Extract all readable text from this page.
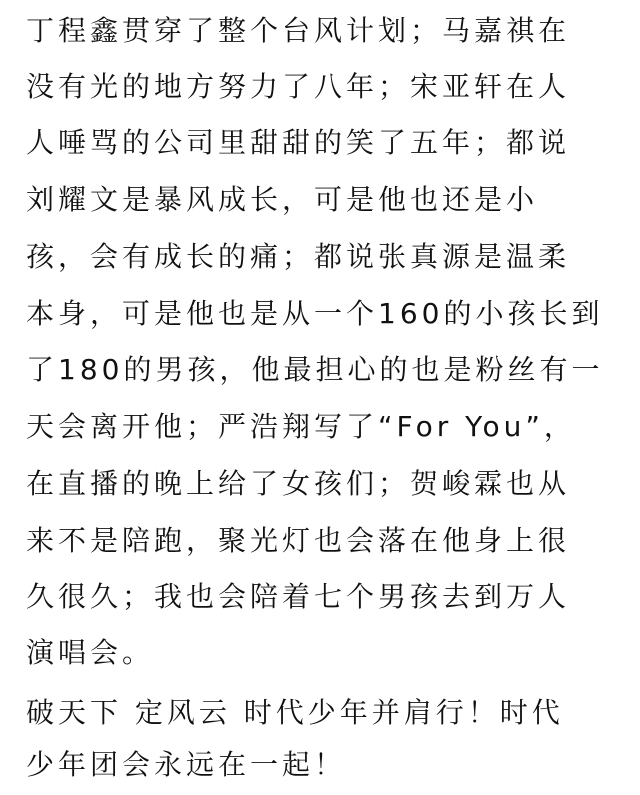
丁程鑫贯穿了整个台风计划；马嘉祺在
没有光的地方努力了八年；宋亚轩在人
人唾骂的公司里甜甜的笑了五年；都说
刘耀文是暴风成长，可是他也还是小
孩，会有成长的痛；都说张真源是温柔
本身，可是他也是从一个160的小孩长到
了180的男孩，他最担心的也是粉丝有一
天会离开他；严浩翔写了“For You”，
在直播的晚上给了女孩们；贺峻霖也从
来不是陪跑，聚光灯也会落在他身上很
久很久；我也会陪着七个男孩去到万人
演唱会。
破天下 定风云 时代少年并肩行！时代
少年团会永远在一起！
